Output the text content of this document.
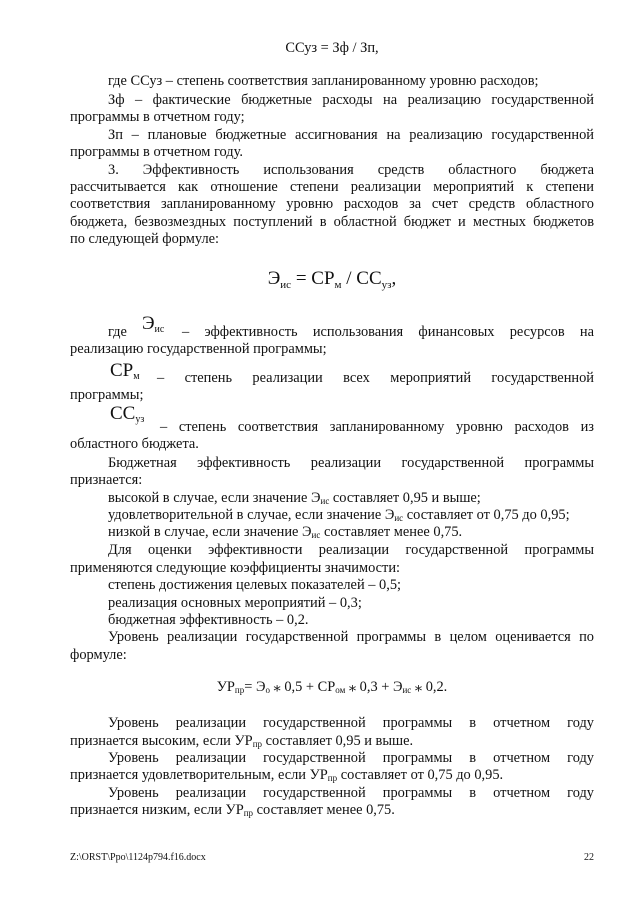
ССуз = Зф / Зп,
где ССуз – степень соответствия запланированному уровню расходов;
Зф – фактические бюджетные расходы на реализацию государственной
программы в отчетном году;
Зп – плановые бюджетные ассигнования на реализацию государственной
программы в отчетном году.
3. Эффективность использования средств областного бюджета
рассчитывается как отношение степени реализации мероприятий к степени
соответствия запланированному уровню расходов за счет средств областного
бюджета, безвозмездных поступлений в областной бюджет и местных бюджетов
по следующей формуле:
$Э_{ис} = СР_м / СС_{уз}$,
где $Э_{ис}$ – эффективность использования финансовых ресурсов на
реализацию государственной программы;
$СР_м$ – степень реализации всех мероприятий государственной
программы;
$СС_{уз}$ – степень соответствия запланированному уровню расходов из
областного бюджета.
Бюджетная эффективность реализации государственной программы
признается:
высокой в случае, если значение $Э_{ис}$ составляет 0,95 и выше;
удовлетворительной в случае, если значение $Э_{ис}$ составляет от 0,75 до 0,95;
низкой в случае, если значение $Э_{ис}$ составляет менее 0,75.
Для оценки эффективности реализации государственной программы
применяются следующие коэффициенты значимости:
степень достижения целевых показателей – 0,5;
реализация основных мероприятий – 0,3;
бюджетная эффективность – 0,2.
Уровень реализации государственной программы в целом оценивается по
формуле:
$УР_{пр}= Э_о$ ⁎ $0,5 + СР_{ом}$ ⁎ $0,3 + Э_{ис}$ ⁎ 0,2.
Уровень реализации государственной программы в отчетном году
признается высоким, если $УР_{пр}$ составляет 0,95 и выше.
Уровень реализации государственной программы в отчетном году
признается удовлетворительным, если $УР_{пр}$ составляет от 0,75 до 0,95.
Уровень реализации государственной программы в отчетном году
признается низким, если $УР_{пр}$ составляет менее 0,75.
Z:\ORST\Ppo\1124p794.f16.docx	22
